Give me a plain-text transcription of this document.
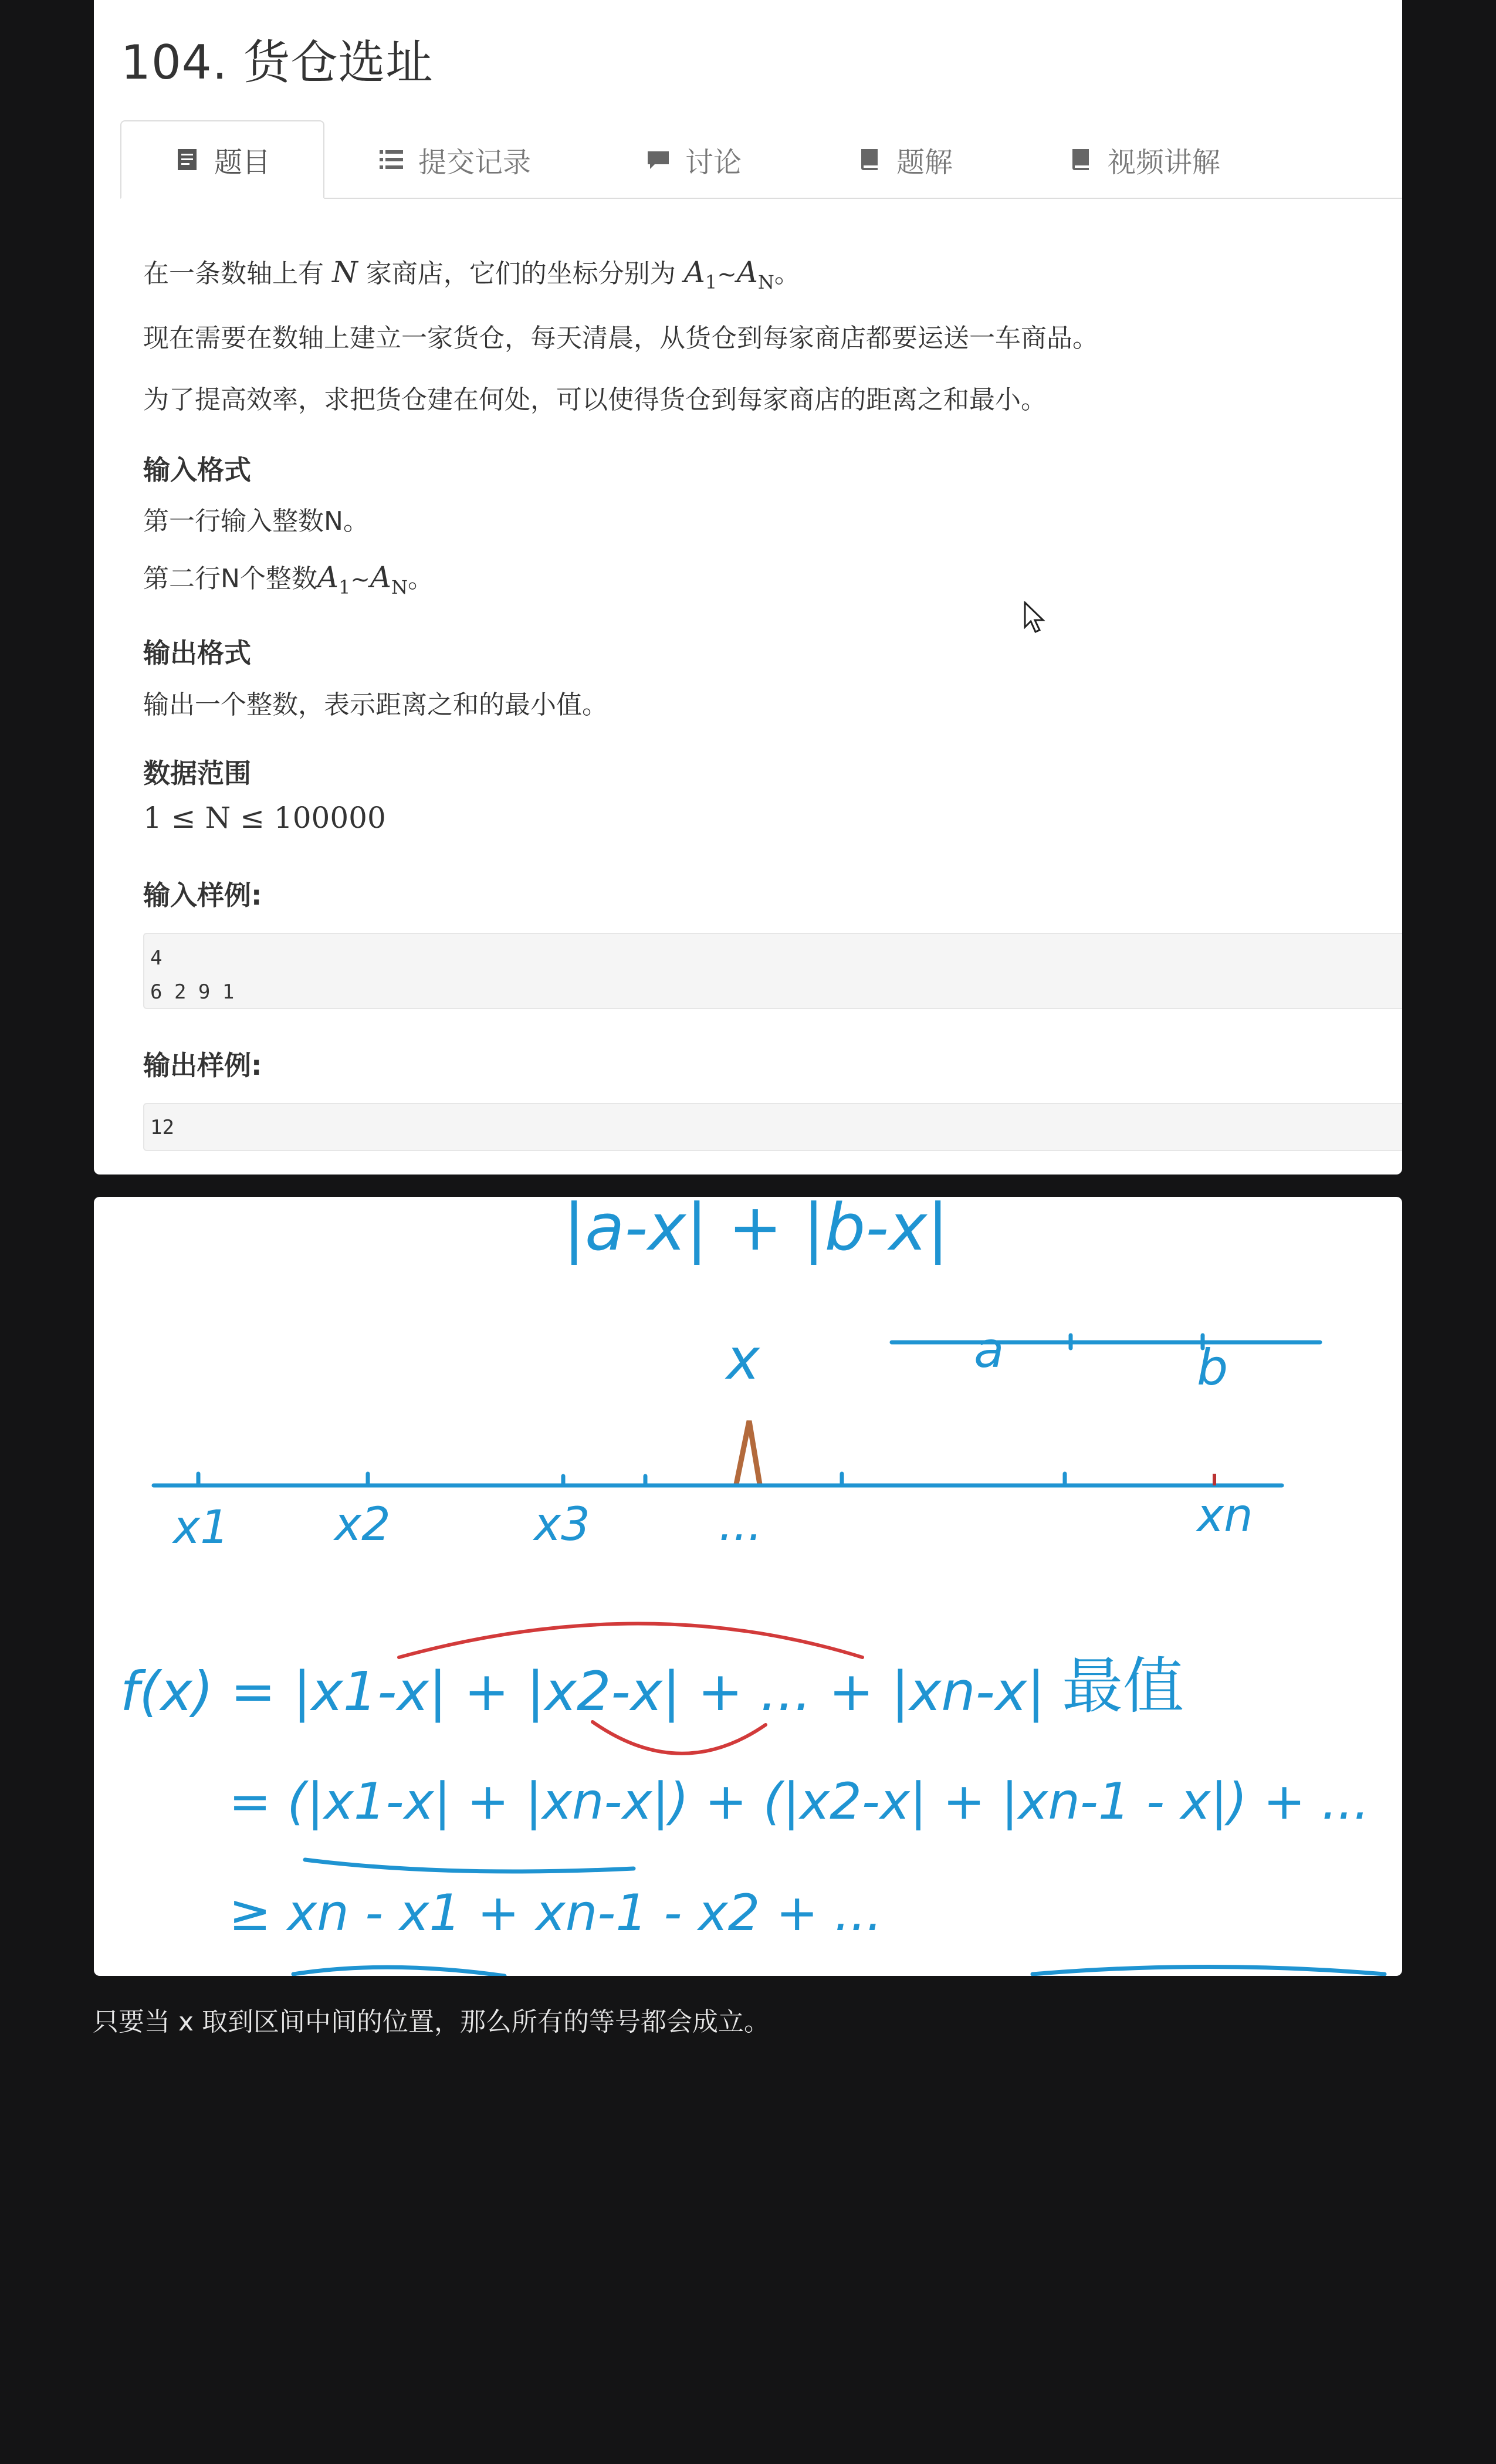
104. 货仓选址
题目	提交记录	讨论	题解	视频讲解
在一条数轴上有 N 家商店，它们的坐标分别为 $A_1\sim A_N$。
现在需要在数轴上建立一家货仓，每天清晨，从货仓到每家商店都要运送一车商品。
为了提高效率，求把货仓建在何处，可以使得货仓到每家商店的距离之和最小。
输入格式
第一行输入整数N。
第二行N个整数$A_1\sim A_N$。
输出格式
输出一个整数，表示距离之和的最小值。
数据范围
1 ≤ N ≤ 100000
输入样例:
输出样例:
4
6 2 9 1
12
|a-x| + |b-x|
a	b
x
x1 x2	x3	...	xn
f(x) = |x1-x| + |x2-x| + ... + |xn-x| 最值
= (|x1-x| + |xn-x|) + (|x2-x| + |xn-1 - x|) + ...
≥ xn - x1 + xn-1 - x2 + ...
只要当 x 取到区间中间的位置，那么所有的等号都会成立。
